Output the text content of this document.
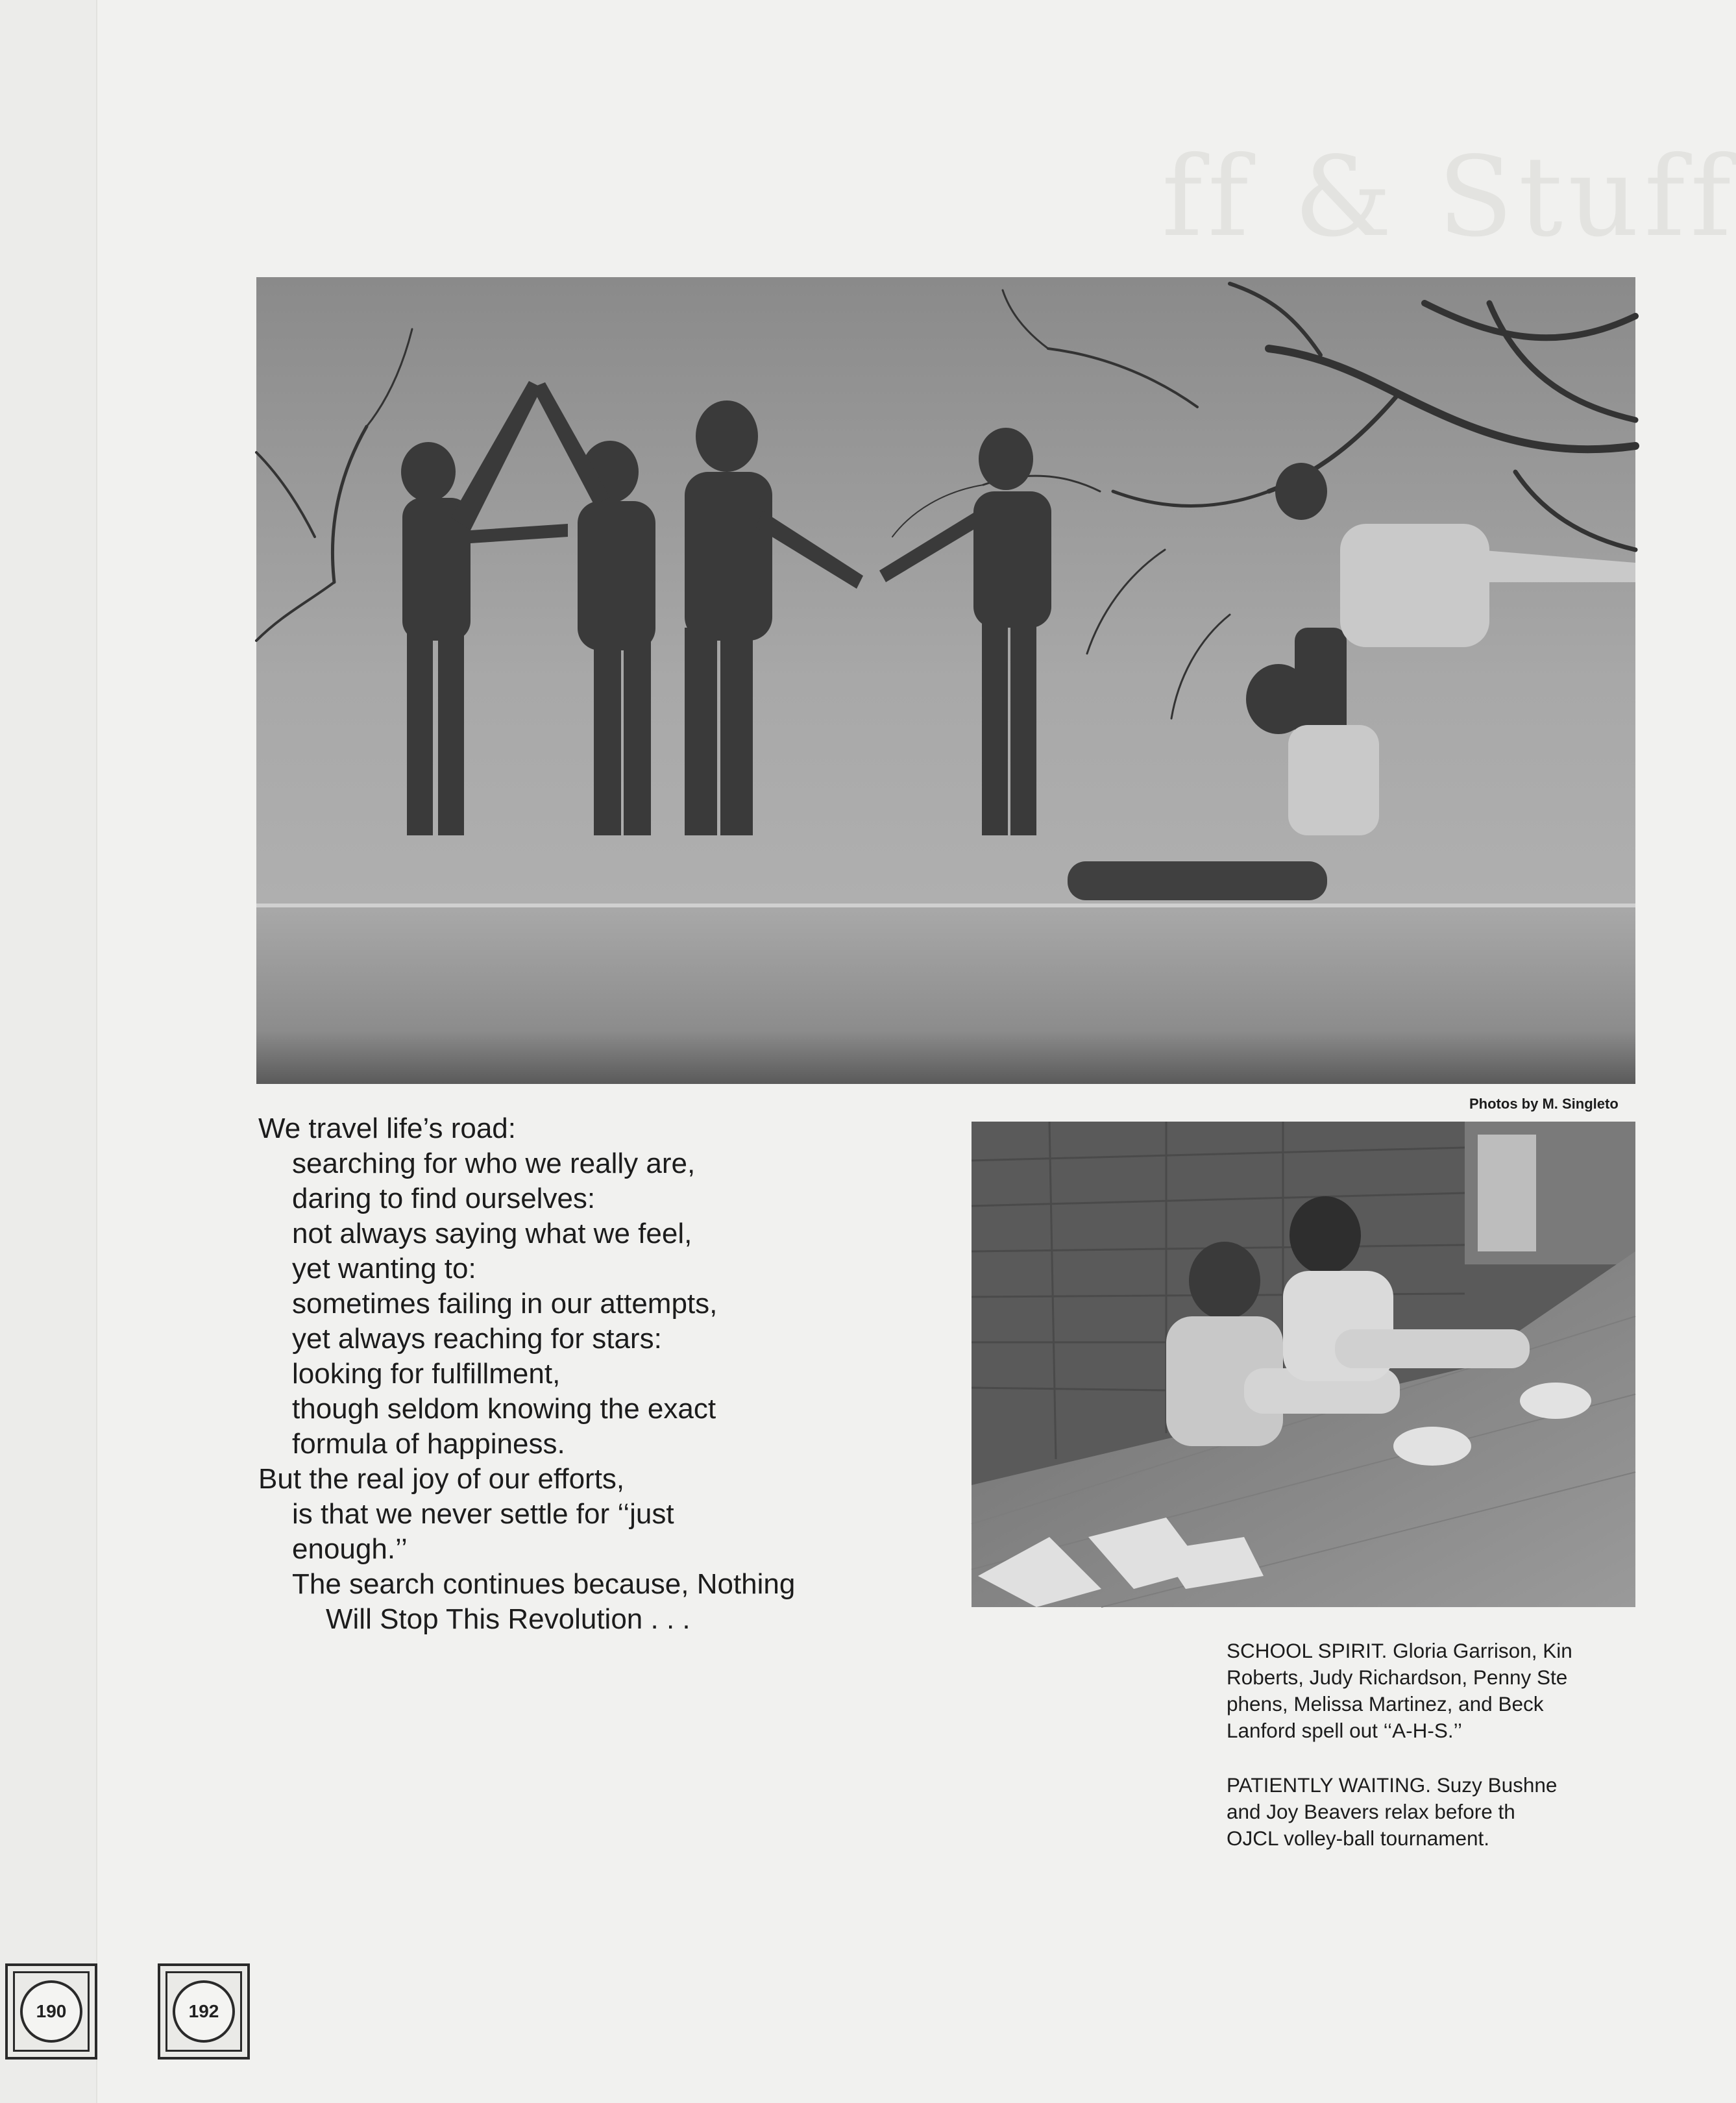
ff & Stuff
Photos by M. Singleto
We travel life’s road:
searching for who we really are,
daring to find ourselves:
not always saying what we feel,
yet wanting to:
sometimes failing in our attempts,
yet always reaching for stars:
looking for fulfillment,
though seldom knowing the exact
formula of happiness.
But the real joy of our efforts,
is that we never settle for ‘‘just
enough.’’
The search continues because, Nothing
Will Stop This Revolution . . .
SCHOOL SPIRIT. Gloria Garrison, Kin
Roberts, Judy Richardson, Penny Ste
phens, Melissa Martinez, and Beck
Lanford spell out ‘‘A-H-S.’’
PATIENTLY WAITING. Suzy Bushne
and Joy Beavers relax before th
OJCL volley-ball tournament.
190	192
